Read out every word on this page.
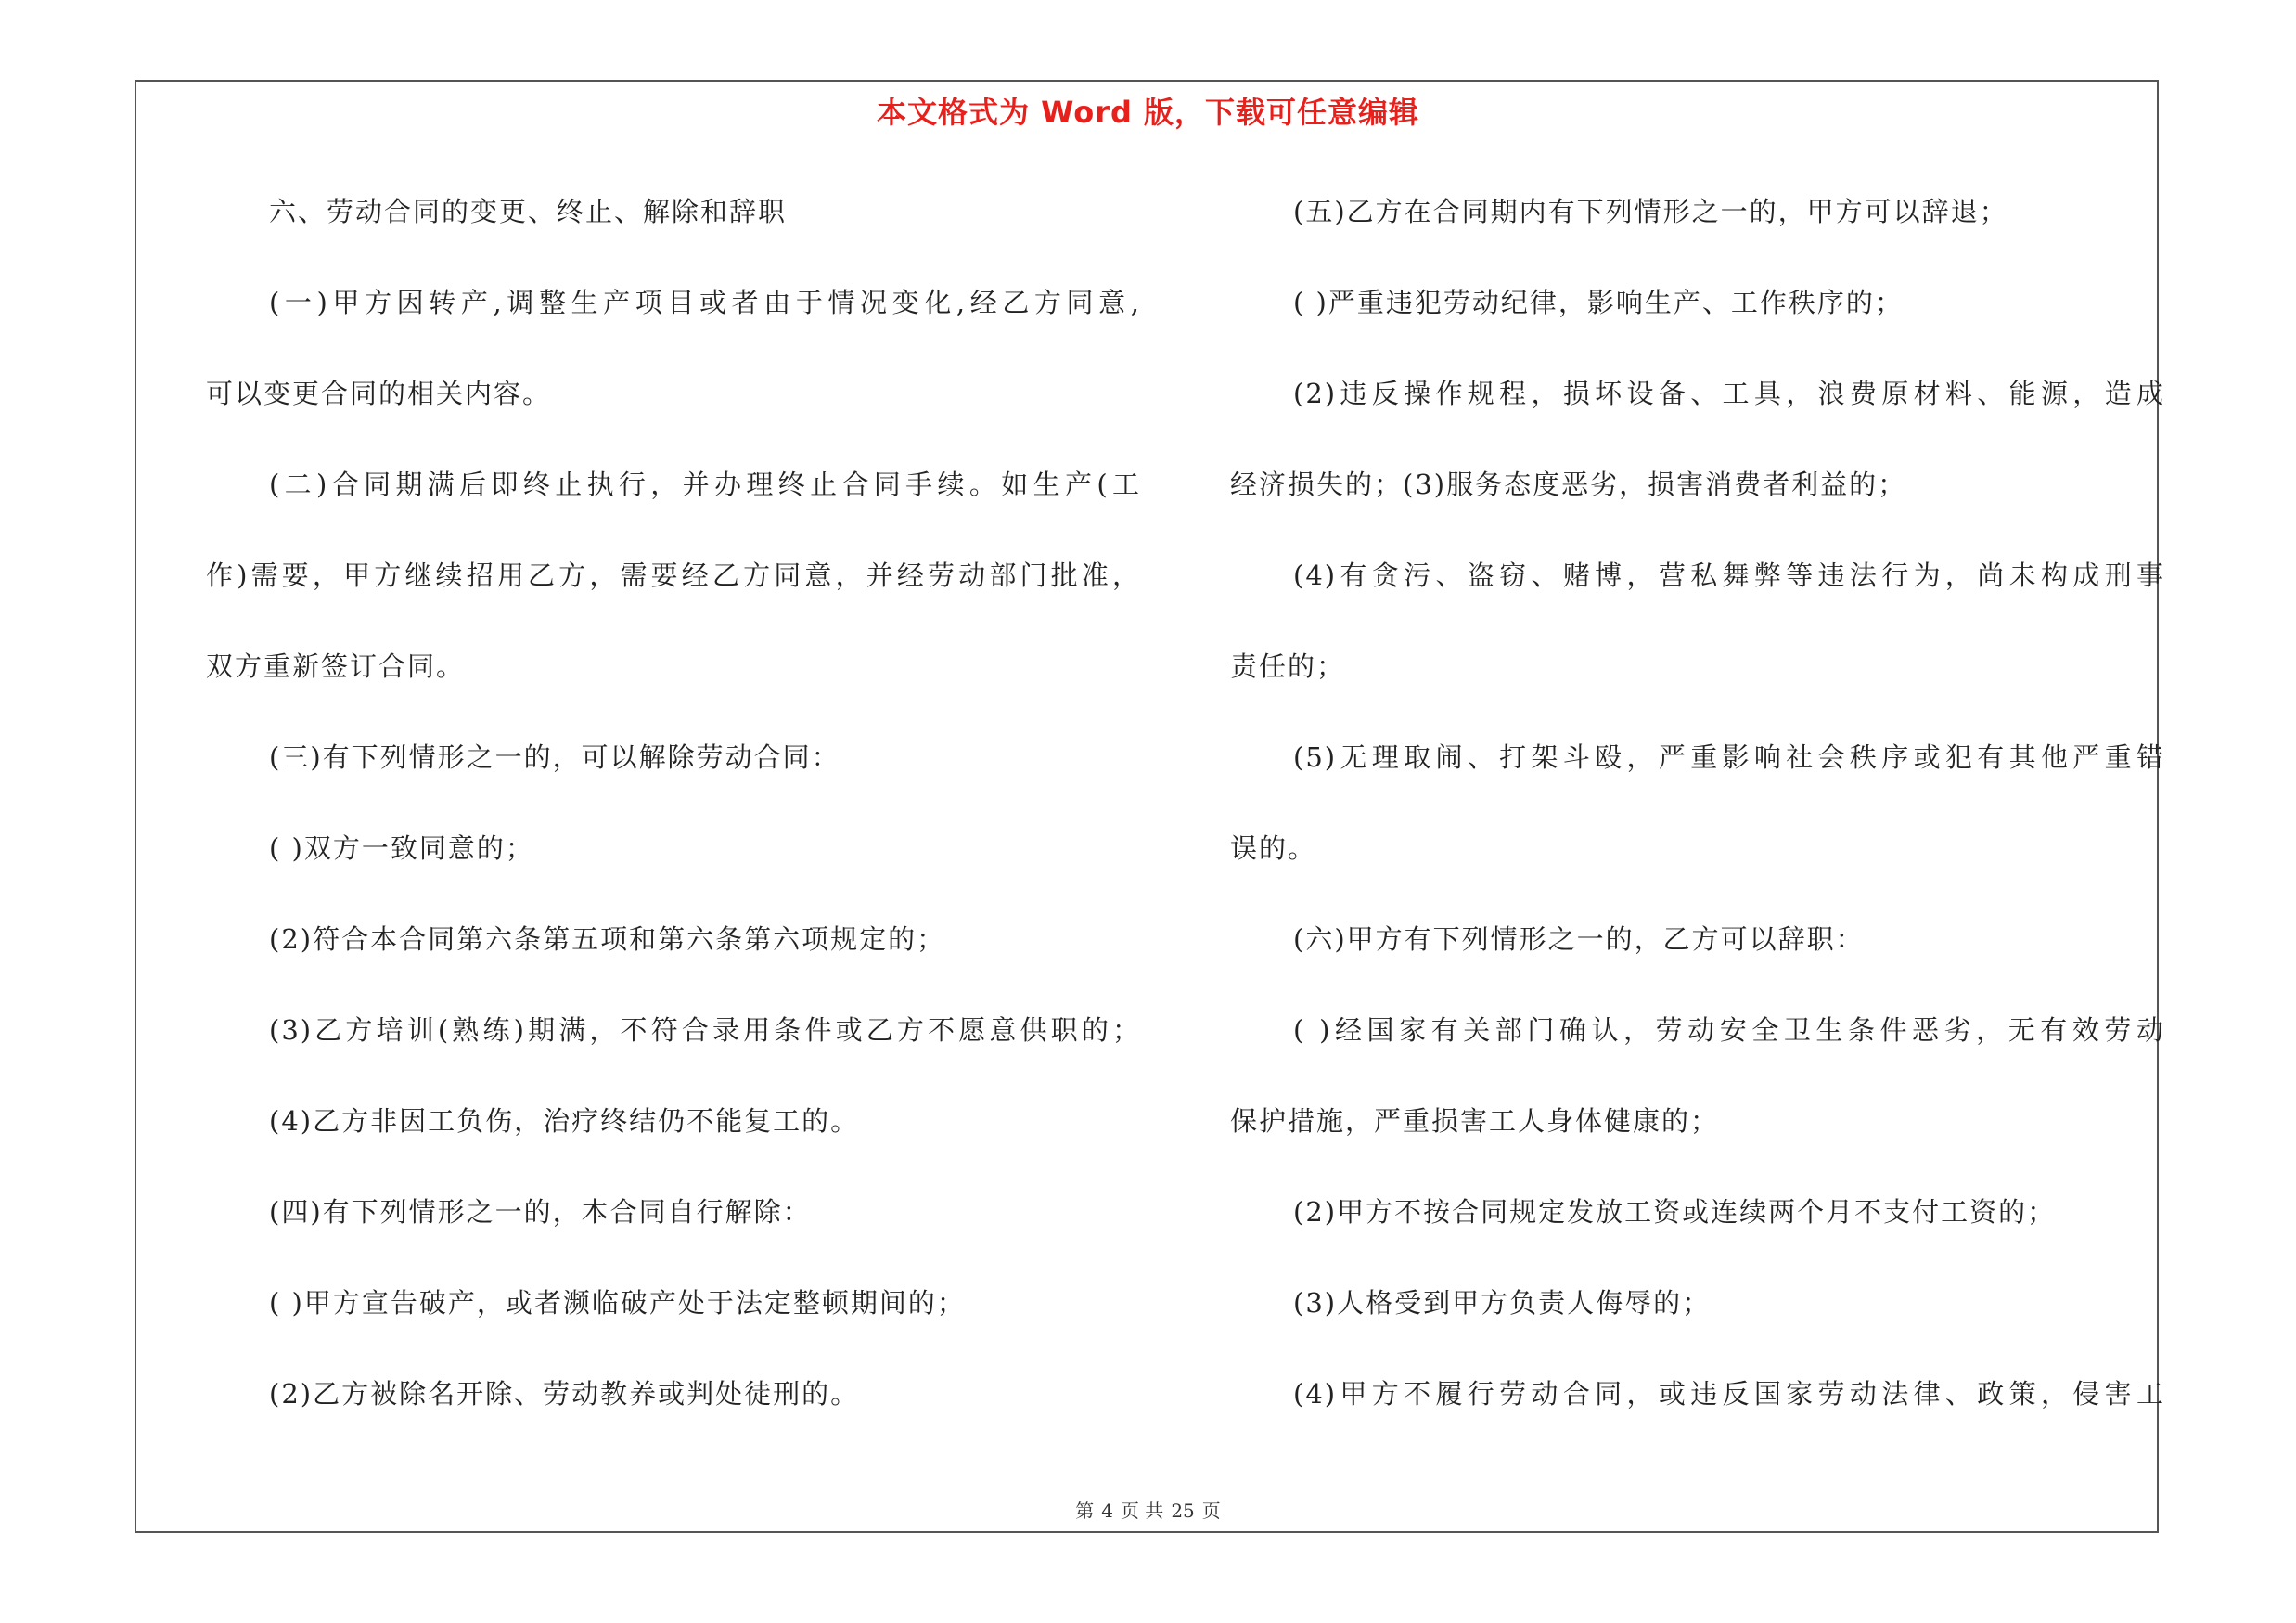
本文格式为 Word 版，下载可任意编辑
六、劳动合同的变更、终止、解除和辞职
(一)甲方因转产,调整生产项目或者由于情况变化,经乙方同意,
可以变更合同的相关内容。
(二)合同期满后即终止执行，并办理终止合同手续。如生产(工
作)需要，甲方继续招用乙方，需要经乙方同意，并经劳动部门批准，
双方重新签订合同。
(三)有下列情形之一的，可以解除劳动合同：
( )双方一致同意的；
(2)符合本合同第六条第五项和第六条第六项规定的；
(3)乙方培训(熟练)期满，不符合录用条件或乙方不愿意供职的；
(4)乙方非因工负伤，治疗终结仍不能复工的。
(四)有下列情形之一的，本合同自行解除：
( )甲方宣告破产，或者濒临破产处于法定整顿期间的；
(2)乙方被除名开除、劳动教养或判处徒刑的。
(五)乙方在合同期内有下列情形之一的，甲方可以辞退；
( )严重违犯劳动纪律，影响生产、工作秩序的；
(2)违反操作规程，损坏设备、工具，浪费原材料、能源，造成
经济损失的；(3)服务态度恶劣，损害消费者利益的；
(4)有贪污、盗窃、赌博，营私舞弊等违法行为，尚未构成刑事
责任的；
(5)无理取闹、打架斗殴，严重影响社会秩序或犯有其他严重错
误的。
(六)甲方有下列情形之一的，乙方可以辞职：
( )经国家有关部门确认，劳动安全卫生条件恶劣，无有效劳动
保护措施，严重损害工人身体健康的；
(2)甲方不按合同规定发放工资或连续两个月不支付工资的；
(3)人格受到甲方负责人侮辱的；
(4)甲方不履行劳动合同，或违反国家劳动法律、政策，侵害工
第 4 页 共 25 页
